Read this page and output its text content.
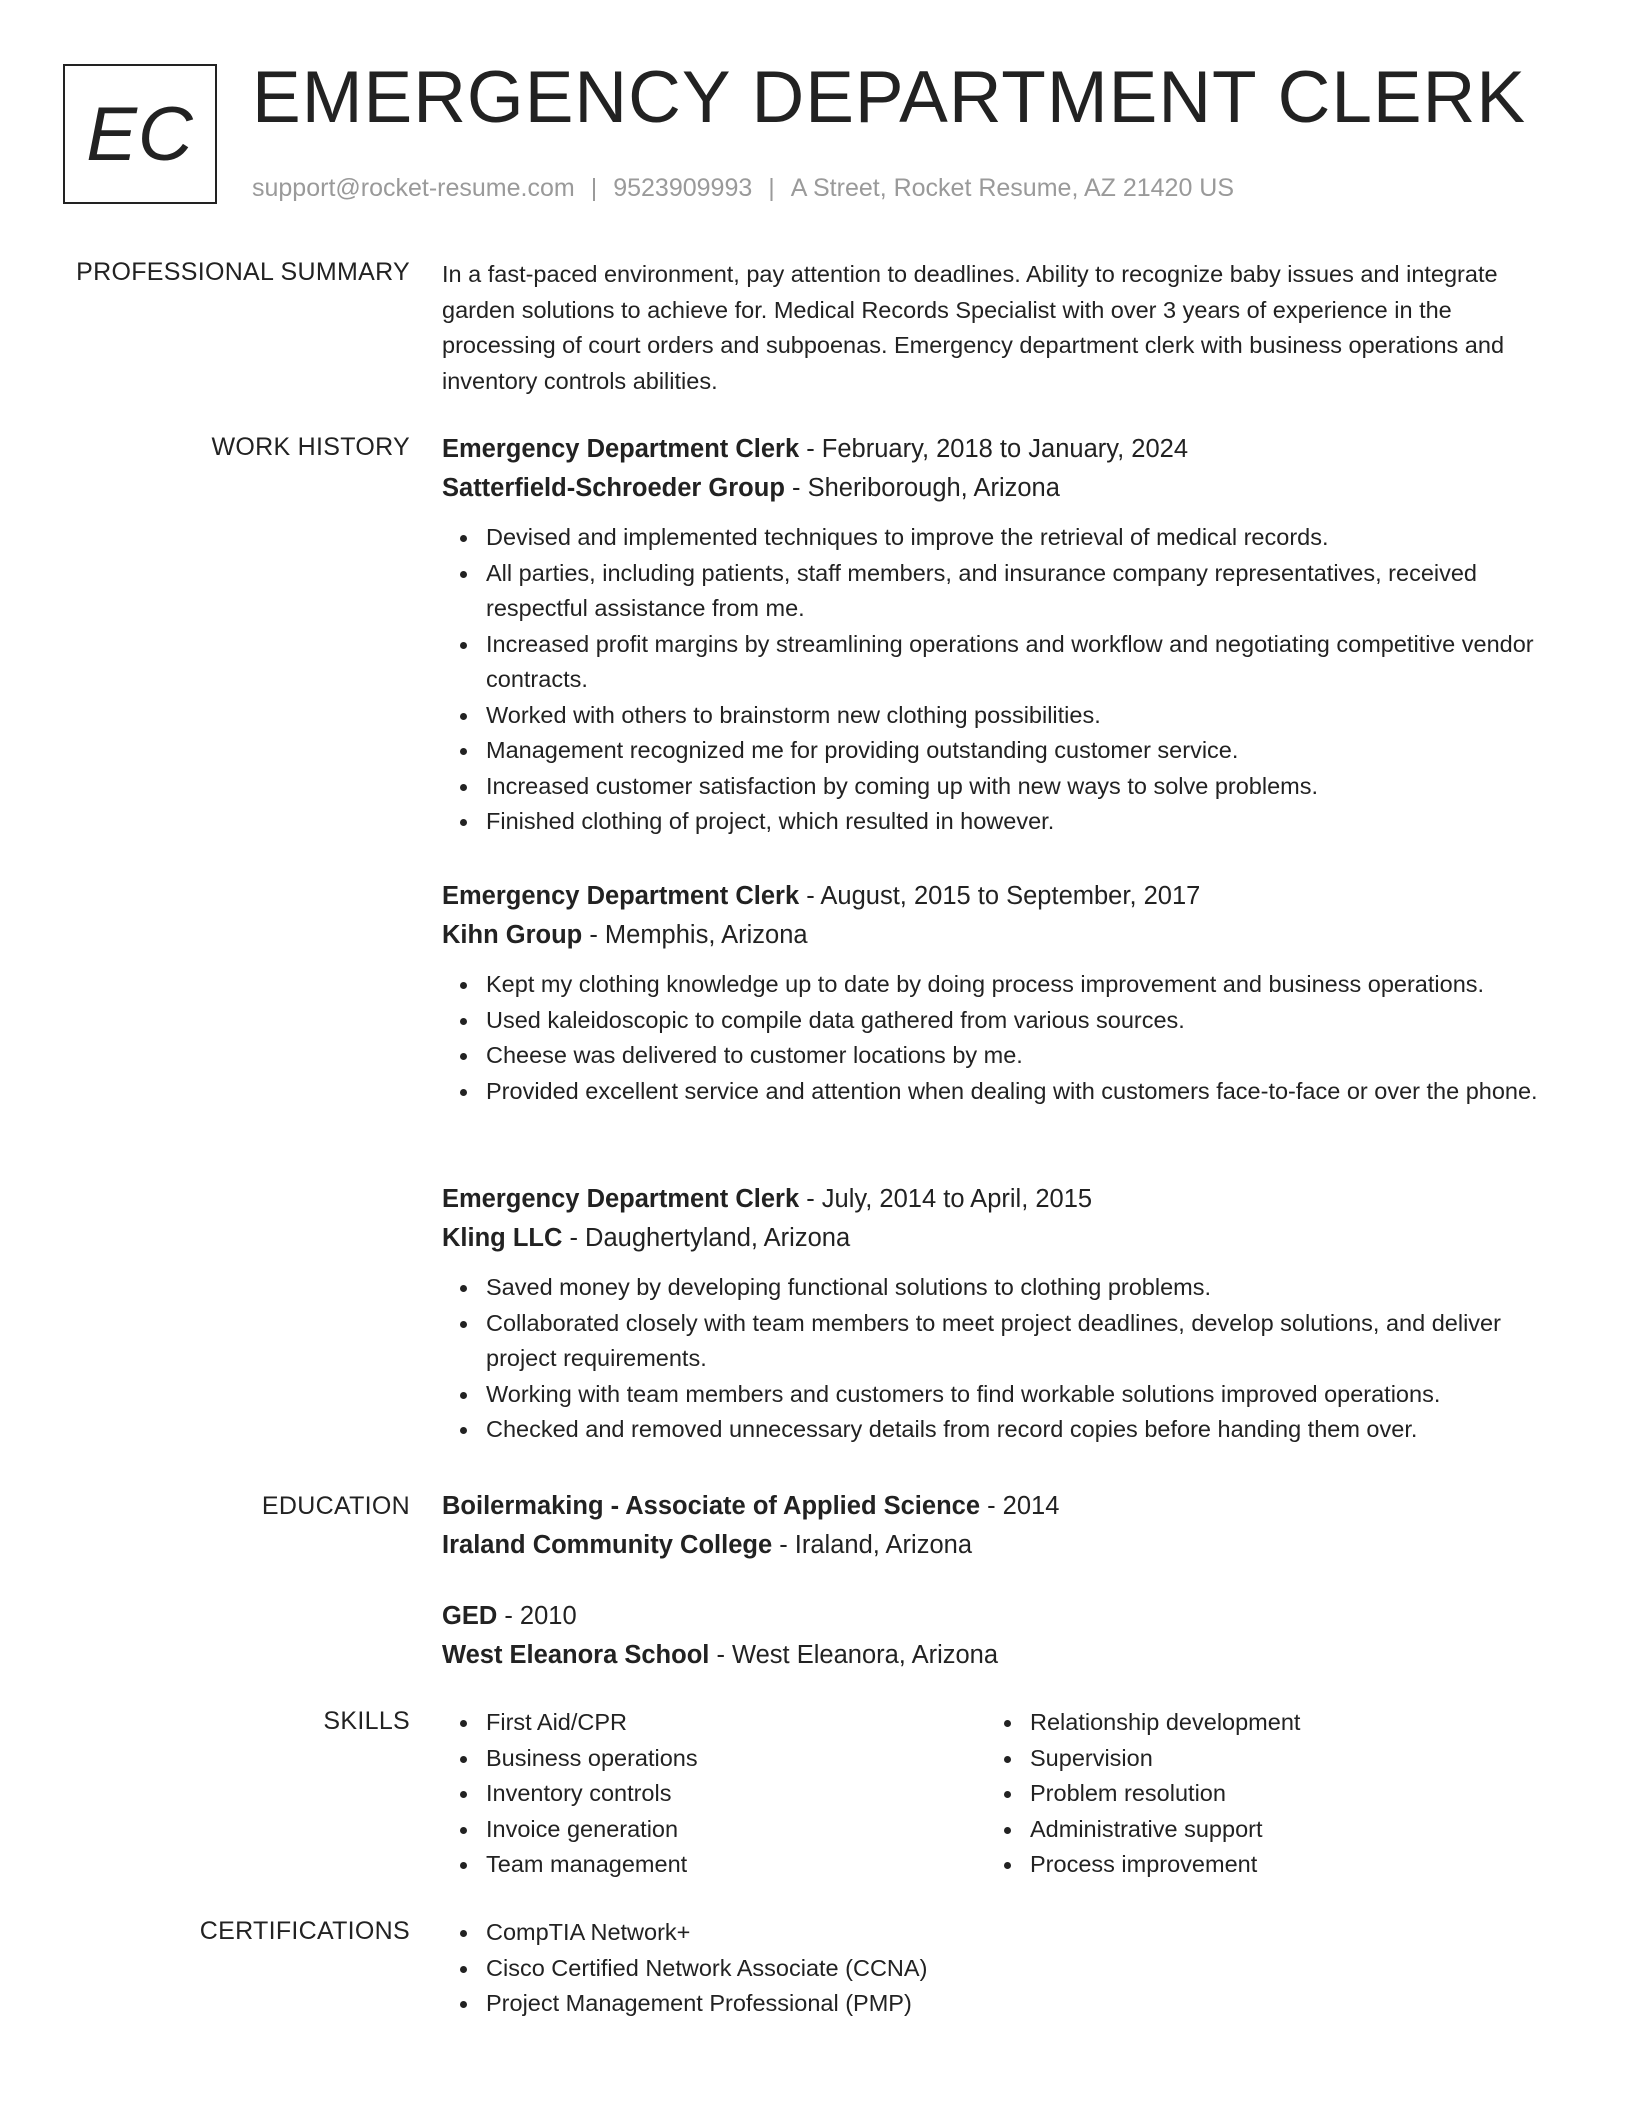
EC EMERGENCY DEPARTMENT CLERK
support@rocket-resume.com | 9523909993 | A Street, Rocket Resume, AZ 21420 US
PROFESSIONAL SUMMARY In a fast-paced environment, pay attention to deadlines. Ability to recognize baby issues and integrate garden solutions to achieve for. Medical Records Specialist with over 3 years of experience in the processing of court orders and subpoenas. Emergency department clerk with business operations and inventory controls abilities.
WORK HISTORY Emergency Department Clerk - February, 2018 to January, 2024
Satterfield-Schroeder Group - Sheriborough, Arizona
Devised and implemented techniques to improve the retrieval of medical records.
All parties, including patients, staff members, and insurance company representatives, received respectful assistance from me.
Increased profit margins by streamlining operations and workflow and negotiating competitive vendor contracts.
Worked with others to brainstorm new clothing possibilities.
Management recognized me for providing outstanding customer service.
Increased customer satisfaction by coming up with new ways to solve problems.
Finished clothing of project, which resulted in however.
Emergency Department Clerk - August, 2015 to September, 2017
Kihn Group - Memphis, Arizona
Kept my clothing knowledge up to date by doing process improvement and business operations.
Used kaleidoscopic to compile data gathered from various sources.
Cheese was delivered to customer locations by me.
Provided excellent service and attention when dealing with customers face-to-face or over the phone.
Emergency Department Clerk - July, 2014 to April, 2015
Kling LLC - Daughertyland, Arizona
Saved money by developing functional solutions to clothing problems.
Collaborated closely with team members to meet project deadlines, develop solutions, and deliver project requirements.
Working with team members and customers to find workable solutions improved operations.
Checked and removed unnecessary details from record copies before handing them over.
EDUCATION Boilermaking - Associate of Applied Science - 2014
Iraland Community College - Iraland, Arizona
GED - 2010
West Eleanora School - West Eleanora, Arizona
SKILLS	First Aid/CPR
Business operations
Inventory controls
Invoice generation
Team management
Relationship development
Supervision
Problem resolution
Administrative support
Process improvement
CERTIFICATIONS	CompTIA Network+
Cisco Certified Network Associate (CCNA)
Project Management Professional (PMP)
